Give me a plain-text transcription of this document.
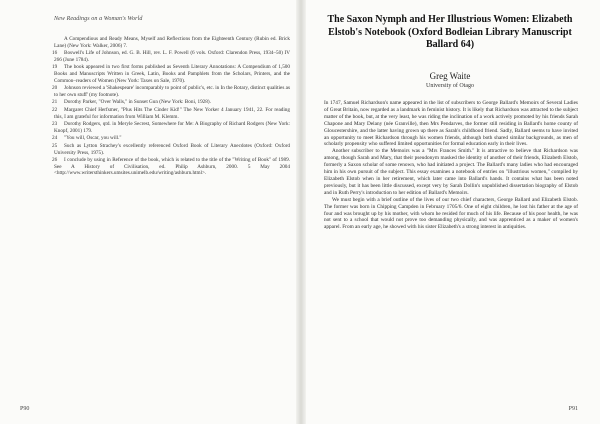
New Readings on a Woman's World
A Compendious and Ready Means, Myself and Reflections from the Eighteenth Century (Rubin ed. Brick Lane) (New York: Walker, 2006) 7.
16 Boswell's Life of Johnson, ed. G. B. Hill, rev. L. F. Powell (6 vols. Oxford: Clarendon Press, 1934–50) IV 266 (June 1784).
19 The book appeared in two first forms published as Seventh Literary Annotations: A Compendium of 1,500 Books and Manuscripts Written in Greek, Latin, Books and Pamphlets from the Scholars, Printers, and the Common–readers of Women (New York: Taxes on Sale, 1970).
20 Johnson reviewed a 'Shakespeare' incomparably to point of public's, etc. in In the Rotary, distinct qualities as to her own stuff' (my footnote).
21 Dorothy Parker, "Over Walls," in Sunset Gun (New York: Boni, 1928).
22 Margaret Chief Herfsmer, "Plus Hits The Cinder Kid!" The New Yorker 4 January 1941, 22. For reading this, I am grateful for information from William M. Klemm.
23 Dorothy Rodgers, qtd. in Meryle Secrest, Somewhere for Me: A Biography of Richard Rodgers (New York: Knopf, 2001) 179.
24 "You will, Oscar, you will."
25 Such as Lytton Strachey's excellently referenced Oxford Book of Literary Anecdotes (Oxford: Oxford University Press, 1975).
26 I conclude by using in Reference of the book, which is related to the title of the "Writing of Book" of 1989. See A History of Civilisation, ed. Philip Ashburn, 2000. 5 May 2004 <http://www.writersthinkers.umsites.unimelb.edu/writing/ashburn.html>.
P90
The Saxon Nymph and Her Illustrious Women: Elizabeth Elstob's Notebook (Oxford Bodleian Library Manuscript Ballard 64)
Greg Waite
University of Otago

In 1747, Samuel Richardson's name appeared in the list of subscribers to George Ballard's Memoirs of Several Ladies of Great Britain, now regarded as a landmark in feminist history. It is likely that Richardson was attracted to the subject matter of the book, but, at the very least, he was riding the inclination of a work actively promoted by his friends Sarah Chapone and Mary Delany (née Granville), then Mrs Pendarves, the former still residing in Ballard's home county of Gloucestershire, and the latter having grown up there as Sarah's childhood friend. Sadly, Ballard seems to have invited an opportunity to meet Richardson through his women friends, although both shared similar backgrounds, as men of scholarly propensity who suffered limited opportunities for formal education early in their lives.

Another subscriber to the Memoirs was a "Mrs Frances Smith." It is attractive to believe that Richardson was among, though Sarah and Mary, that their pseudonym masked the identity of another of their friends, Elizabeth Elstob, formerly a Saxon scholar of some renown, who had initiated a project. The Ballard's many ladies who had encouraged him in his own pursuit of the subject. This essay examines a notebook of entries on "illustrious women," compiled by Elizabeth Elstob when in her retirement, which later came into Ballard's hands. It contains what has been noted previously, but it has been little discussed, except very by Sarah Dollin's unpublished dissertation biography of Elstob and in Ruth Perry's introduction to her edition of Ballard's Memoirs.

We must begin with a brief outline of the lives of our two chief characters, George Ballard and Elizabeth Elstob. The former was born in Chipping Campden in February 1705/6. One of eight children, he lost his father at the age of four and was brought up by his mother, with whom he resided for much of his life. Because of his poor health, he was not sent to a school that would not prove too demanding physically, and was apprenticed as a maker of women's apparel. From an early age, he showed with his sister Elizabeth's a strong interest in antiquities.

P91
